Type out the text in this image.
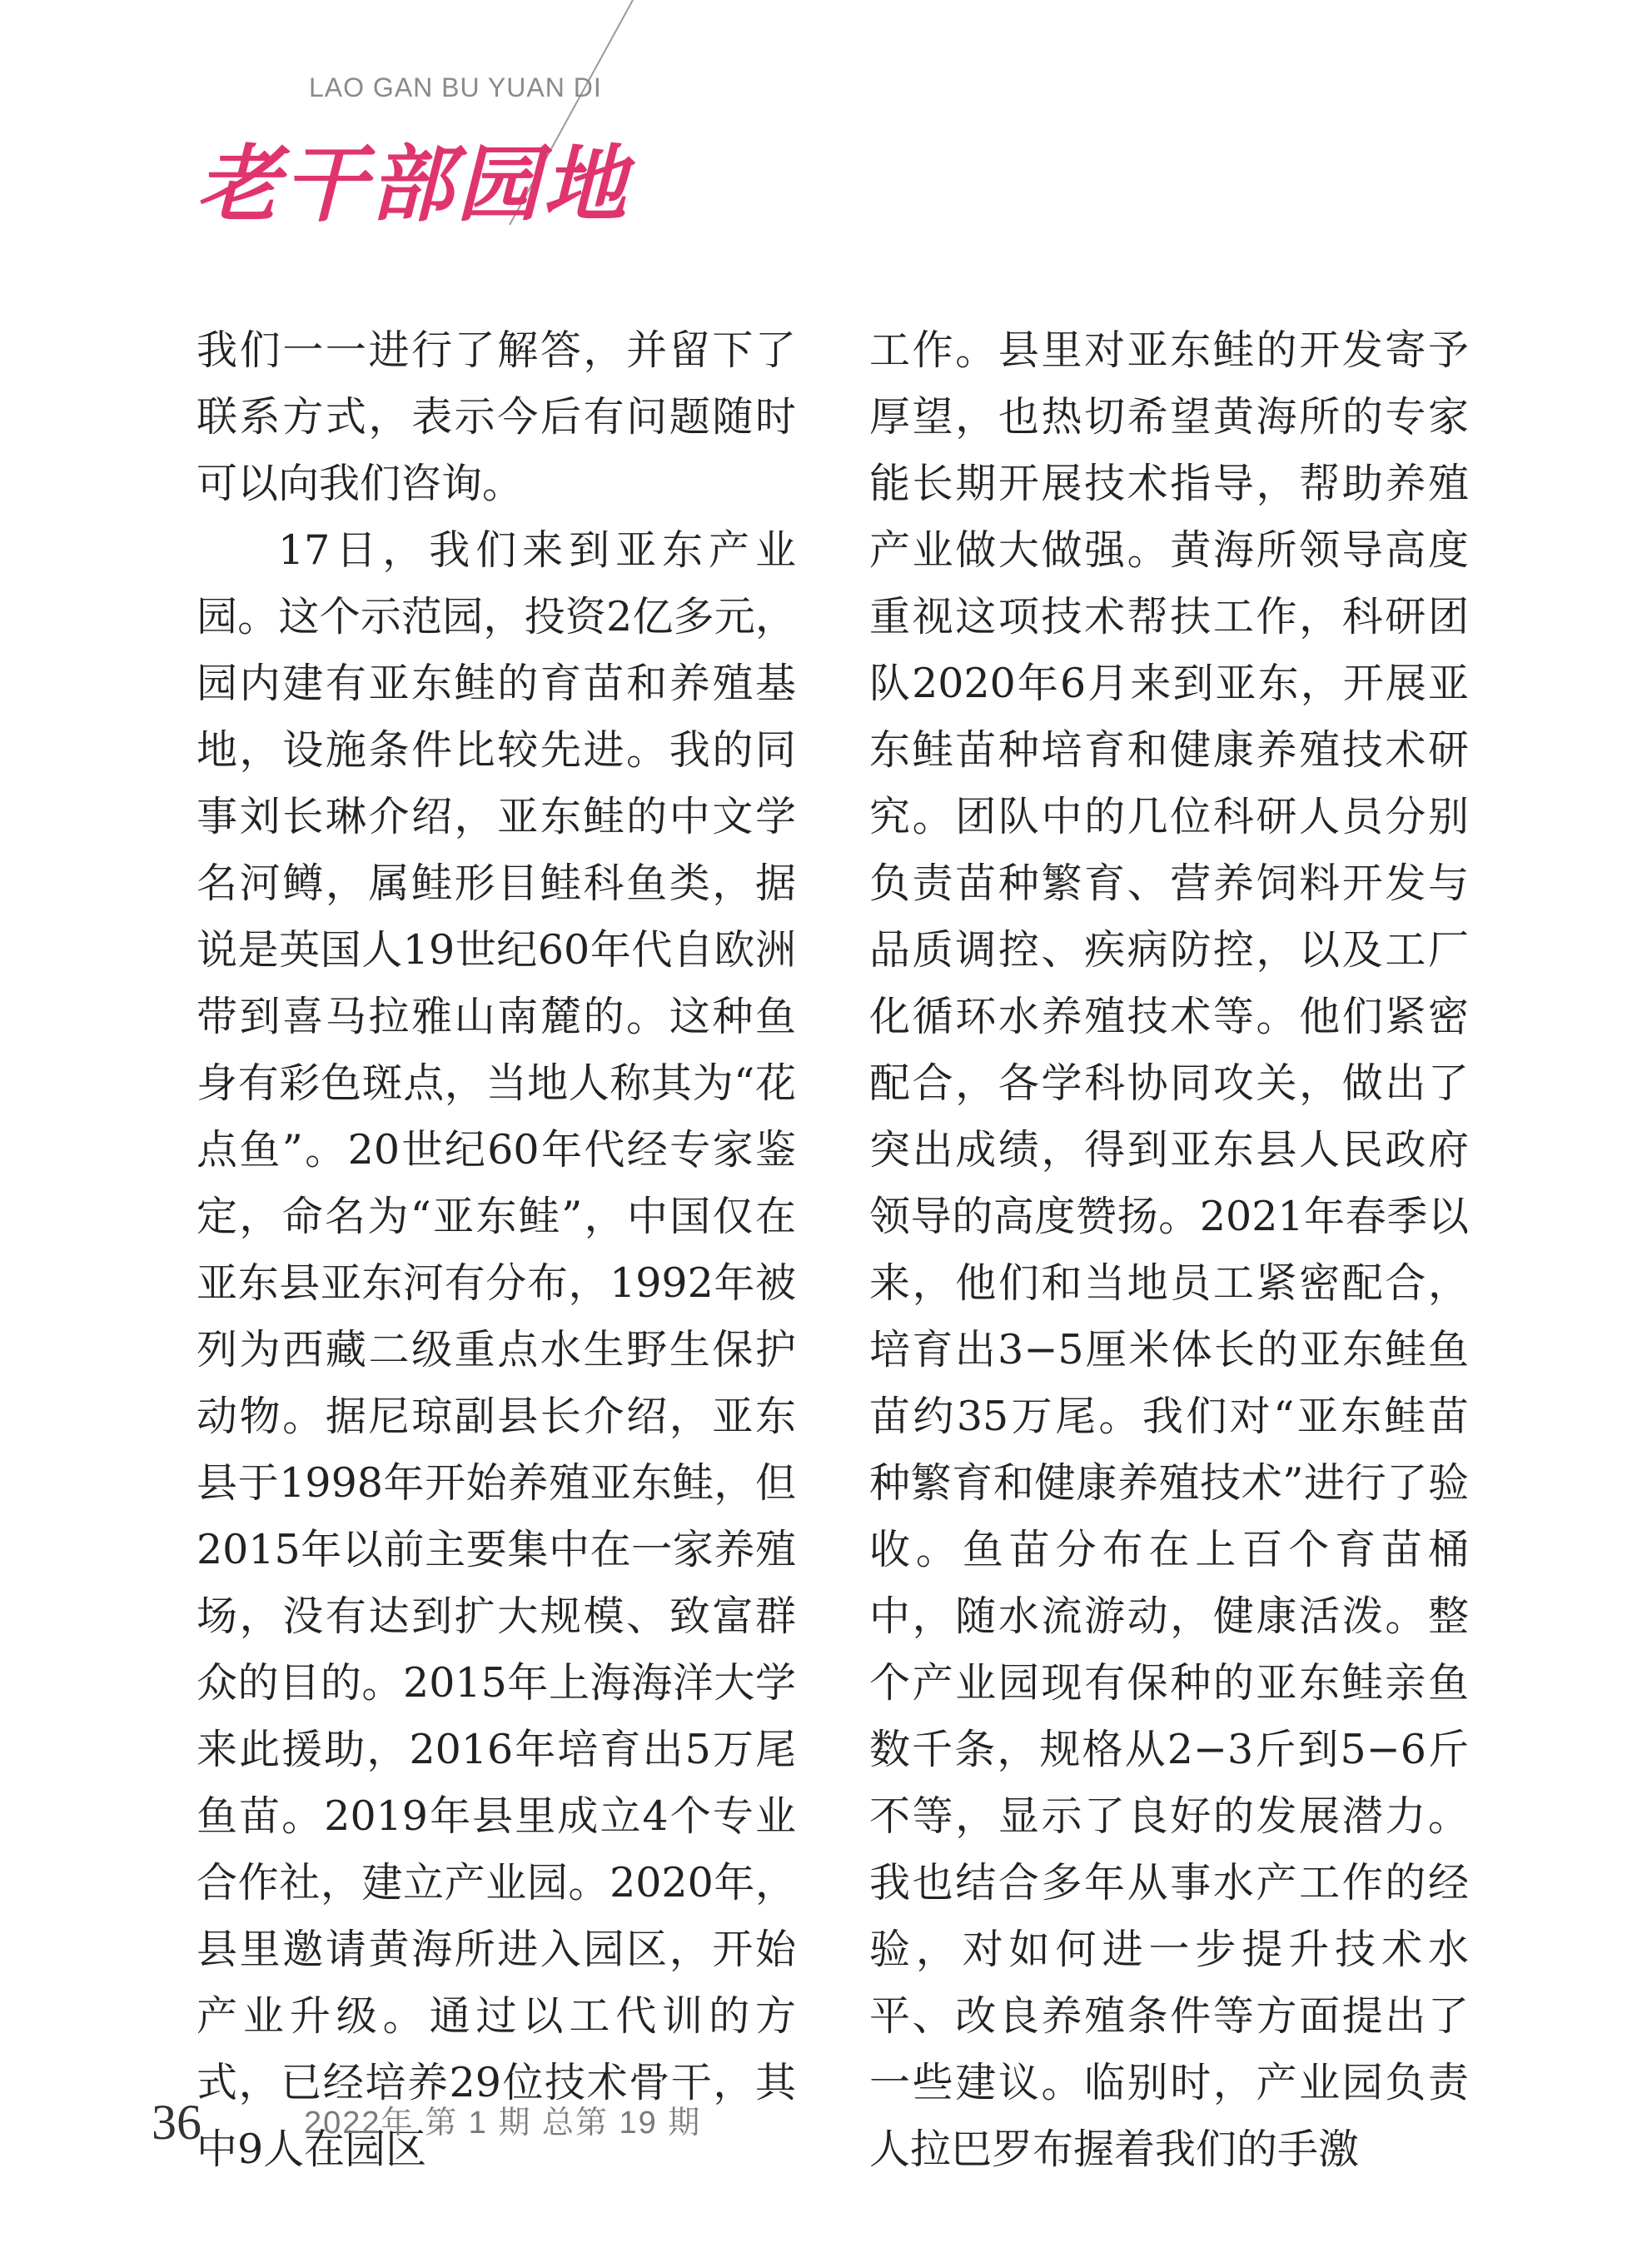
LAO GAN BU YUAN DI
老干部园地

我们一一进行了解答，并留下了联系方式，表示今后有问题随时可以向我们咨询。

17日，我们来到亚东产业园。这个示范园，投资2亿多元，园内建有亚东鲑的育苗和养殖基地，设施条件比较先进。我的同事刘长琳介绍，亚东鲑的中文学名河鳟，属鲑形目鲑科鱼类，据说是英国人19世纪60年代自欧洲带到喜马拉雅山南麓的。这种鱼身有彩色斑点，当地人称其为“花点鱼”。20世纪60年代经专家鉴定，命名为“亚东鲑”，中国仅在亚东县亚东河有分布，1992年被列为西藏二级重点水生野生保护动物。据尼琼副县长介绍，亚东县于1998年开始养殖亚东鲑，但2015年以前主要集中在一家养殖场，没有达到扩大规模、致富群众的目的。2015年上海海洋大学来此援助，2016年培育出5万尾鱼苗。2019年县里成立4个专业合作社，建立产业园。2020年，县里邀请黄海所进入园区，开始产业升级。通过以工代训的方式，已经培养29位技术骨干，其中9人在园区

工作。县里对亚东鲑的开发寄予厚望，也热切希望黄海所的专家能长期开展技术指导，帮助养殖产业做大做强。黄海所领导高度重视这项技术帮扶工作，科研团队2020年6月来到亚东，开展亚东鲑苗种培育和健康养殖技术研究。团队中的几位科研人员分别负责苗种繁育、营养饲料开发与品质调控、疾病防控，以及工厂化循环水养殖技术等。他们紧密配合，各学科协同攻关，做出了突出成绩，得到亚东县人民政府领导的高度赞扬。2021年春季以来，他们和当地员工紧密配合，培育出3−5厘米体长的亚东鲑鱼苗约35万尾。我们对“亚东鲑苗种繁育和健康养殖技术”进行了验收。鱼苗分布在上百个育苗桶中，随水流游动，健康活泼。整个产业园现有保种的亚东鲑亲鱼数千条，规格从2−3斤到5−6斤不等，显示了良好的发展潜力。我也结合多年从事水产工作的经验，对如何进一步提升技术水平、改良养殖条件等方面提出了一些建议。临别时，产业园负责人拉巴罗布握着我们的手激

36	2022年 第 1 期 总第 19 期
